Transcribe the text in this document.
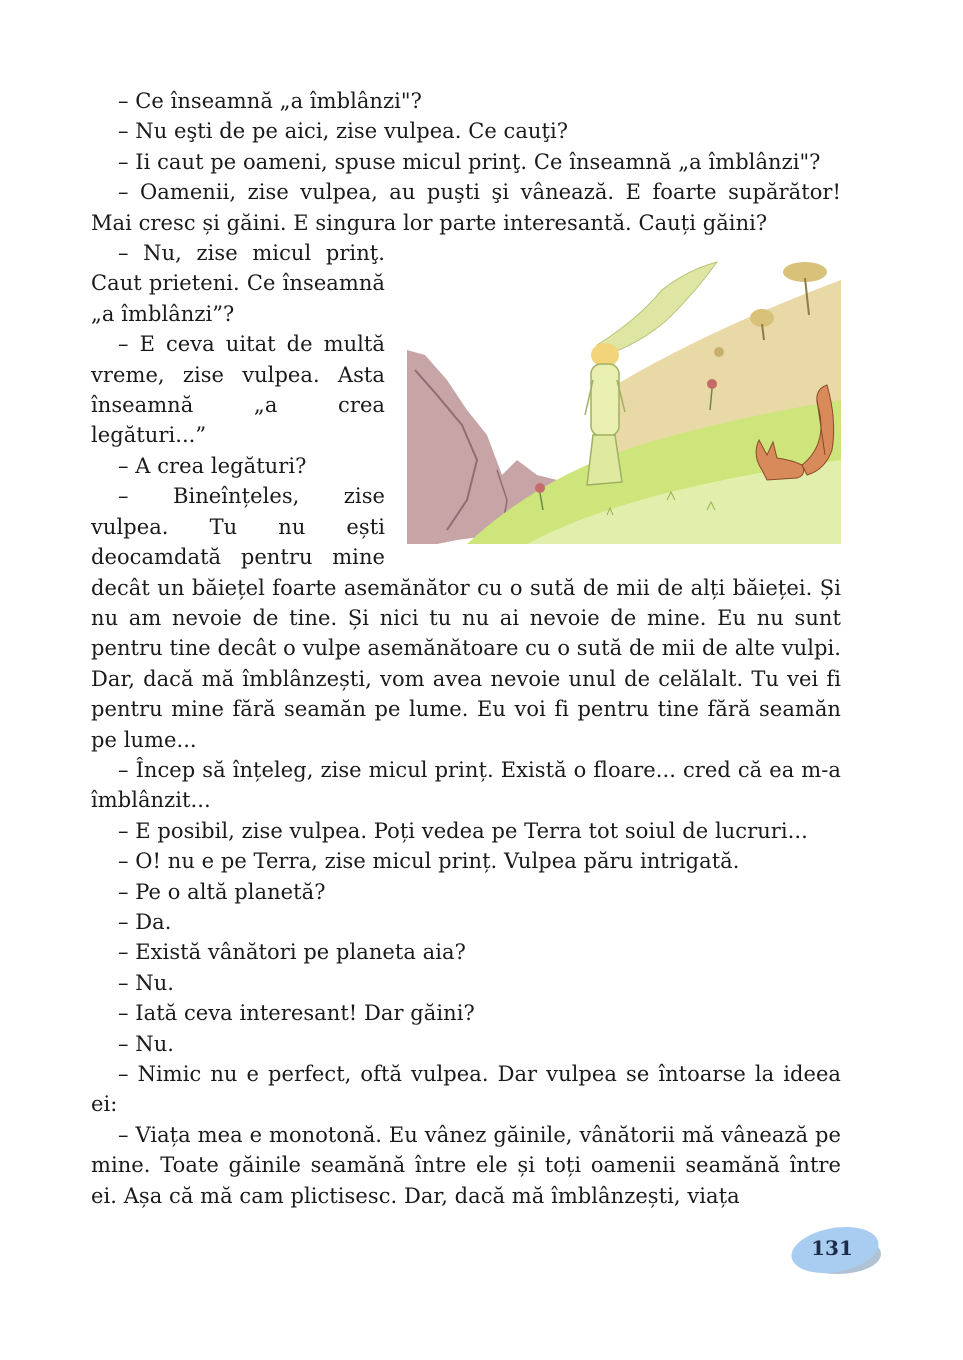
– Ce înseamnă „a îmblânzi"?

– Nu eşti de pe aici, zise vulpea. Ce cauţi?

– Ii caut pe oameni, spuse micul prinţ. Ce înseamnă „a îmblânzi"?

– Oamenii, zise vulpea, au puşti şi vânează. E foarte supărător! Mai cresc și găini. E singura lor parte interesantă. Cauți găini?

– Nu, zise micul prinţ. Caut prieteni. Ce înseamnă „a îmblânzi”?

– E ceva uitat de multă vreme, zise vulpea. Asta înseamnă „a crea legături...”

– A crea legături?

– Bineînțeles, zise vulpea. Tu nu ești deocamdată pentru mine decât un băiețel foarte asemănător cu o sută de mii de alți băieței. Și nu am nevoie de tine. Și nici tu nu ai nevoie de mine. Eu nu sunt pentru tine decât o vulpe asemănătoare cu o sută de mii de alte vulpi. Dar, dacă mă îmblânzești, vom avea nevoie unul de celălalt. Tu vei fi pentru mine fără seamăn pe lume. Eu voi fi pentru tine fără seamăn pe lume...

– Încep să înțeleg, zise micul prinț. Există o floare... cred că ea m-a îmblânzit...

– E posibil, zise vulpea. Poți vedea pe Terra tot soiul de lucruri...

– O! nu e pe Terra, zise micul prinț. Vulpea păru intrigată.

– Pe o altă planetă?

– Da.

– Există vânători pe planeta aia?

– Nu.

– Iată ceva interesant! Dar găini?

– Nu.

– Nimic nu e perfect, oftă vulpea. Dar vulpea se întoarse la ideea ei:

– Viața mea e monotonă. Eu vânez găinile, vânătorii mă vânează pe mine. Toate găinile seamănă între ele și toți oamenii seamănă între ei. Așa că mă cam plictisesc. Dar, dacă mă îmblânzești, viața

131
